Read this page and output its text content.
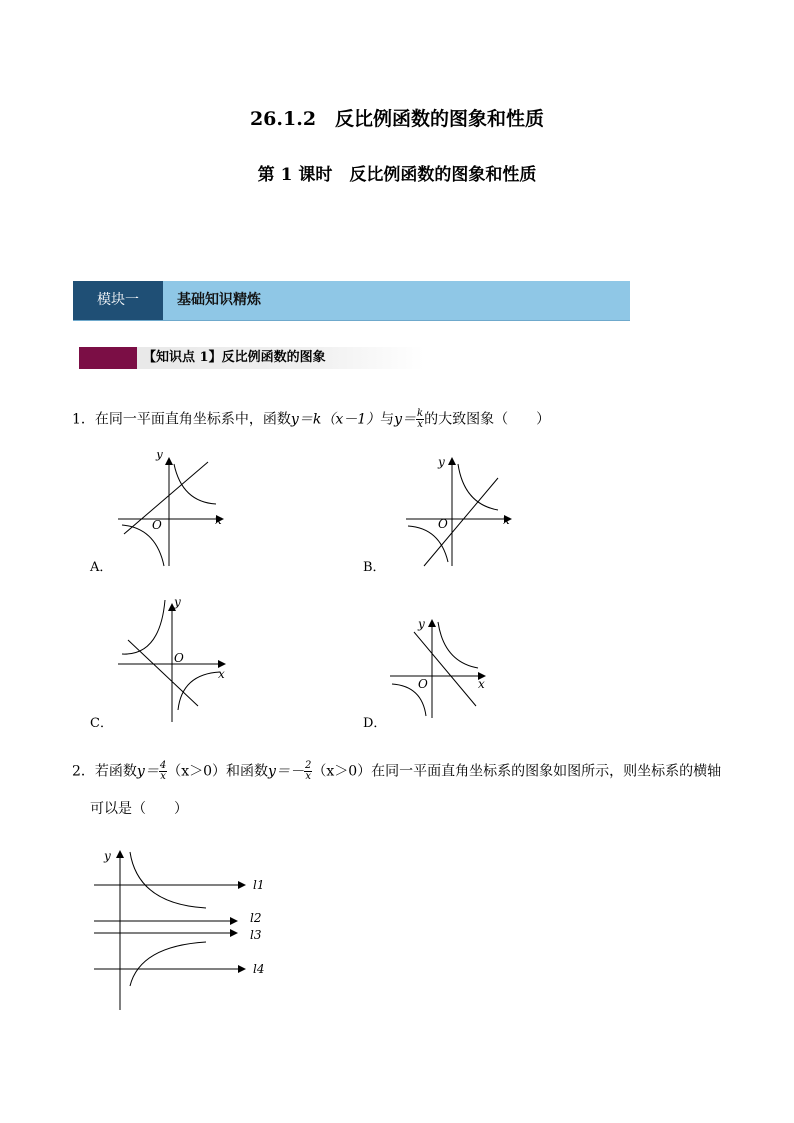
26.1.2　反比例函数的图象和性质
第 1 课时　反比例函数的图象和性质
模块一	基础知识精炼
【知识点 1】反比例函数的图象
1．在同一平面直角坐标系中，函数y＝k（x－1）与$y= \frac{k}{x}$ 的大致图象（　　）
y
x
O
A．
y
x
O
B．
y
x
O
C．
y
x
O
D．
2．若函数$y= \frac{4}{x} (x>0)$和函数$y=- \frac{2}{x} (x>0)$在同一平面直角坐标系的图象如图所示，则坐标系的横轴
可以是（　　）
y
l1
l2
l3
l4
